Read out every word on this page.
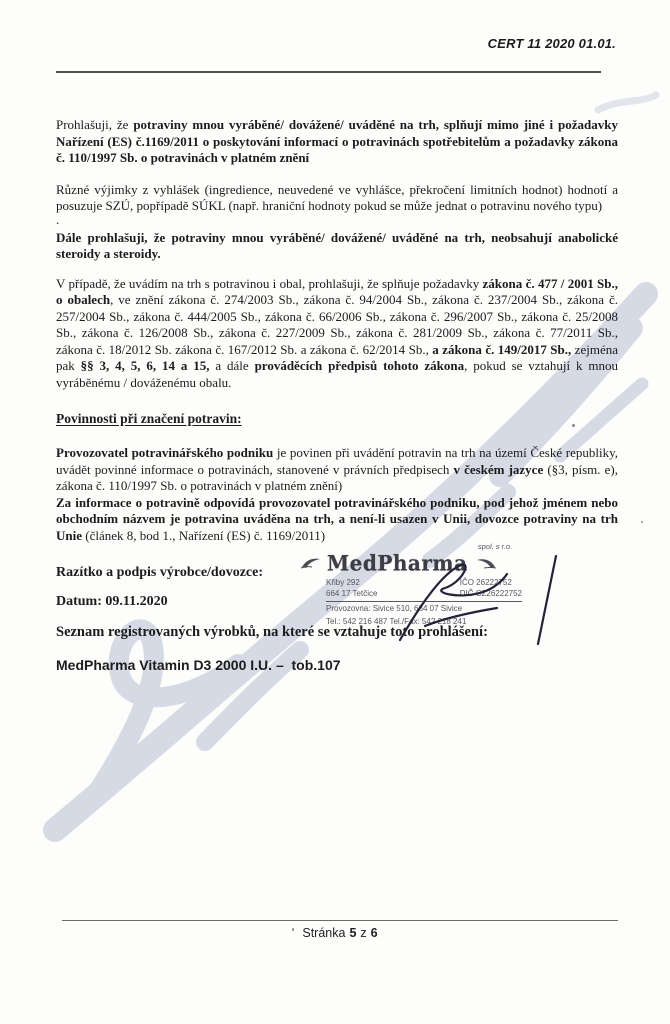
CERT 11 2020 01.01.

Prohlašuji, že potraviny mnou vyráběné/ dovážené/ uváděné na trh, splňují mimo jiné i požadavky Nařízení (ES) č.1169/2011 o poskytování informací o potravinách spotřebitelům a požadavky zákona č. 110/1997 Sb. o potravinách v platném znění

Různé výjimky z vyhlášek (ingredience, neuvedené ve vyhlášce, překročení limitních hodnot) hodnotí a posuzuje SZÚ, popřípadě SÚKL (např. hraniční hodnoty pokud se může jednat o potravinu nového typu)

.

Dále prohlašuji, že potraviny mnou vyráběné/ dovážené/ uváděné na trh, neobsahují anabolické steroidy a steroidy.

V případě, že uvádím na trh s potravinou i obal, prohlašuji, že splňuje požadavky zákona č. 477 / 2001 Sb., o obalech, ve znění zákona č. 274/2003 Sb., zákona č. 94/2004 Sb., zákona č. 237/2004 Sb., zákona č. 257/2004 Sb., zákona č. 444/2005 Sb., zákona č. 66/2006 Sb., zákona č. 296/2007 Sb., zákona č. 25/2008 Sb., zákona č. 126/2008 Sb., zákona č. 227/2009 Sb., zákona č. 281/2009 Sb., zákona č. 77/2011 Sb., zákona č. 18/2012 Sb. zákona č. 167/2012 Sb. a zákona č. 62/2014 Sb., a zákona č. 149/2017 Sb., zejména pak §§ 3, 4, 5, 6, 14 a 15, a dále prováděcích předpisů tohoto zákona, pokud se vztahují k mnou vyráběnému / dováženému obalu.

Povinnosti při značení potravin:

Provozovatel potravinářského podniku je povinen při uvádění potravin na trh na území České republiky, uvádět povinné informace o potravinách, stanovené v právních předpisech v českém jazyce (§3, písm. e), zákona č. 110/1997 Sb. o potravinách v platném znění)

Za informace o potravině odpovídá provozovatel potravinářského podniku, pod jehož jménem nebo obchodním názvem je potravina uváděna na trh, a není-li usazen v Unii, dovozce potraviny na trh Unie (článek 8, bod 1., Nařízení (ES) č. 1169/2011)

Razítko a podpis výrobce/dovozce:

Datum: 09.11.2020

Seznam registrovaných výrobků, na které se vztahuje toto prohlášení:

MedPharma Vitamin D3 2000 I.U. –  tob.107

spol. s r.o.
MedPharma
Křiby 292
664 17 Tetčice
IČO 26222752
DIČ CZ26222752
Provozovna: Sivice 510, 664 07 Sivice
Tel.: 542 216 487 Tel./Fax: 542 218 241
Stránka 5 z 6
